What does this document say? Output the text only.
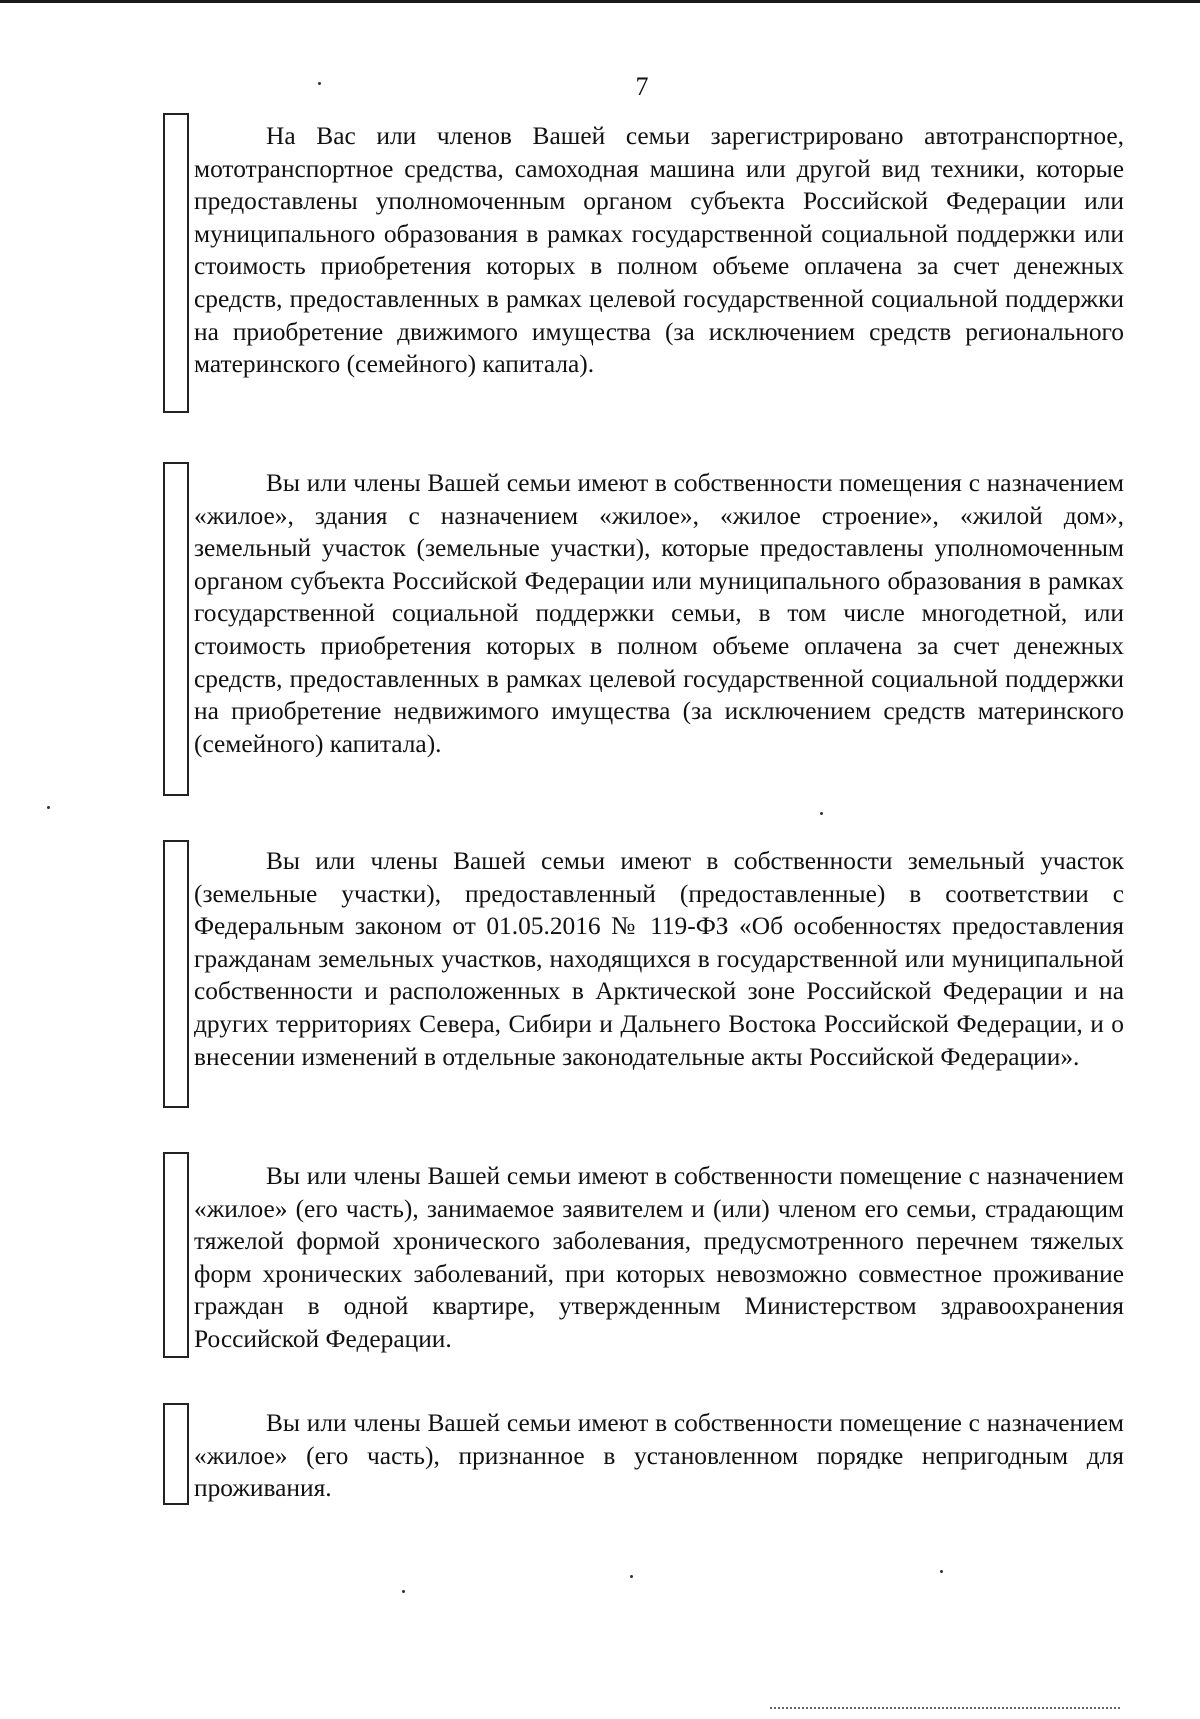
7

На Вас или членов Вашей семьи зарегистрировано автотранспортное, мототранспортное средства, самоходная машина или другой вид техники, которые предоставлены уполномоченным органом субъекта Российской Федерации или муниципального образования в рамках государственной социальной поддержки или стоимость приобретения которых в полном объеме оплачена за счет денежных средств, предоставленных в рамках целевой государственной социальной поддержки на приобретение движимого имущества (за исключением средств регионального материнского (семейного) капитала).

Вы или члены Вашей семьи имеют в собственности помещения с назначением «жилое», здания с назначением «жилое», «жилое строение», «жилой дом», земельный участок (земельные участки), которые предоставлены уполномоченным органом субъекта Российской Федерации или муниципального образования в рамках государственной социальной поддержки семьи, в том числе многодетной, или стоимость приобретения которых в полном объеме оплачена за счет денежных средств, предоставленных в рамках целевой государственной социальной поддержки на приобретение недвижимого имущества (за исключением средств материнского (семейного) капитала).

Вы или члены Вашей семьи имеют в собственности земельный участок (земельные участки), предоставленный (предоставленные) в соответствии с Федеральным законом от 01.05.2016 № 119-ФЗ «Об особенностях предоставления гражданам земельных участков, находящихся в государственной или муниципальной собственности и расположенных в Арктической зоне Российской Федерации и на других территориях Севера, Сибири и Дальнего Востока Российской Федерации, и о внесении изменений в отдельные законодательные акты Российской Федерации».

Вы или члены Вашей семьи имеют в собственности помещение с назначением «жилое» (его часть), занимаемое заявителем и (или) членом его семьи, страдающим тяжелой формой хронического заболевания, предусмотренного перечнем тяжелых форм хронических заболеваний, при которых невозможно совместное проживание граждан в одной квартире, утвержденным Министерством здравоохранения Российской Федерации.

Вы или члены Вашей семьи имеют в собственности помещение с назначением «жилое» (его часть), признанное в установленном порядке непригодным для проживания.
